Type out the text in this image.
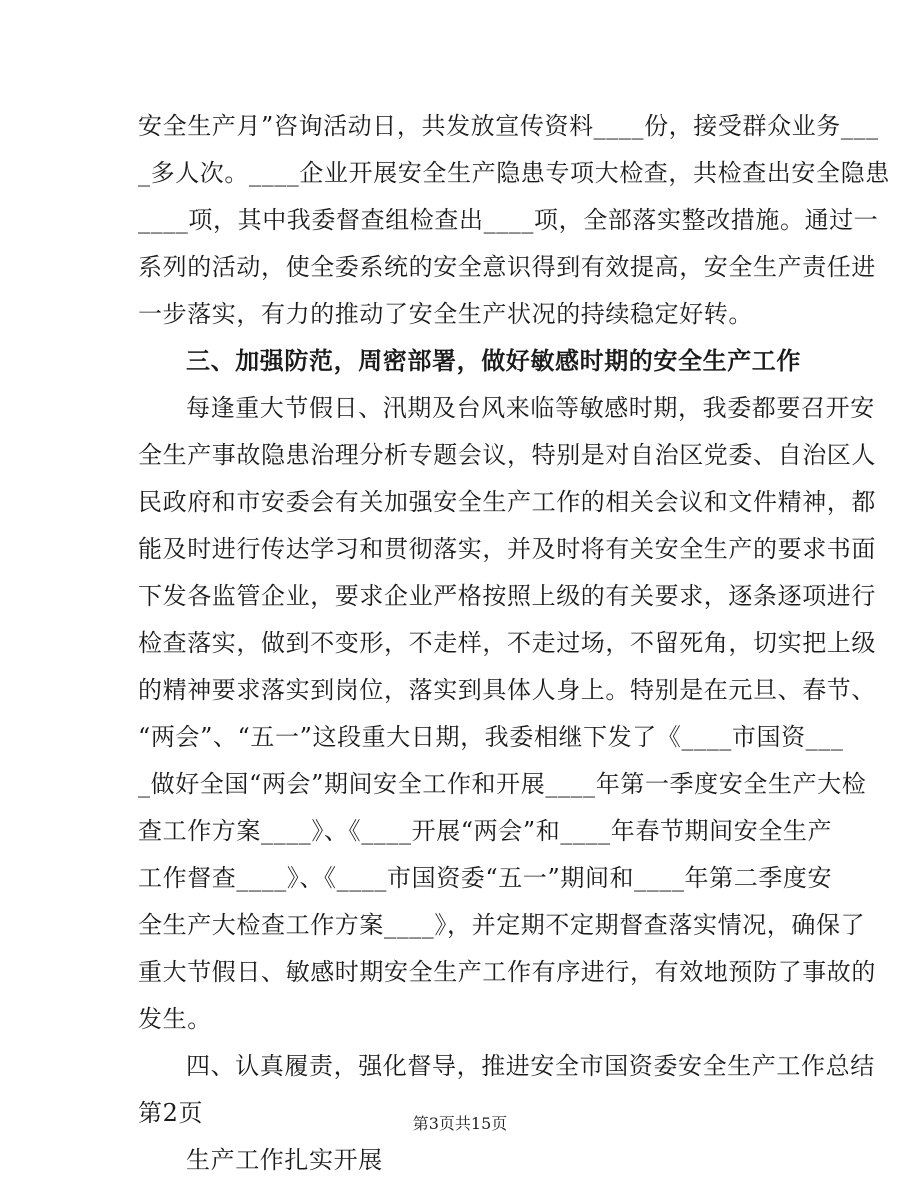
安全生产月”咨询活动日，共发放宣传资料____份，接受群众业务___
_多人次。____企业开展安全生产隐患专项大检查，共检查出安全隐患
____项，其中我委督查组检查出____项，全部落实整改措施。通过一
系列的活动，使全委系统的安全意识得到有效提高，安全生产责任进
一步落实，有力的推动了安全生产状况的持续稳定好转。
三、加强防范，周密部署，做好敏感时期的安全生产工作
每逢重大节假日、汛期及台风来临等敏感时期，我委都要召开安
全生产事故隐患治理分析专题会议，特别是对自治区党委、自治区人
民政府和市安委会有关加强安全生产工作的相关会议和文件精神，都
能及时进行传达学习和贯彻落实，并及时将有关安全生产的要求书面
下发各监管企业，要求企业严格按照上级的有关要求，逐条逐项进行
检查落实，做到不变形，不走样，不走过场，不留死角，切实把上级
的精神要求落实到岗位，落实到具体人身上。特别是在元旦、春节、
“两会”、“五一”这段重大日期，我委相继下发了《____市国资___
_做好全国“两会”期间安全工作和开展____年第一季度安全生产大检
查工作方案____》、《____开展“两会”和____年春节期间安全生产
工作督查____》、《____市国资委“五一”期间和____年第二季度安
全生产大检查工作方案____》，并定期不定期督查落实情况，确保了
重大节假日、敏感时期安全生产工作有序进行，有效地预防了事故的
发生。
四、认真履责，强化督导，推进安全市国资委安全生产工作总结
第2页
生产工作扎实开展
第3页共15页
